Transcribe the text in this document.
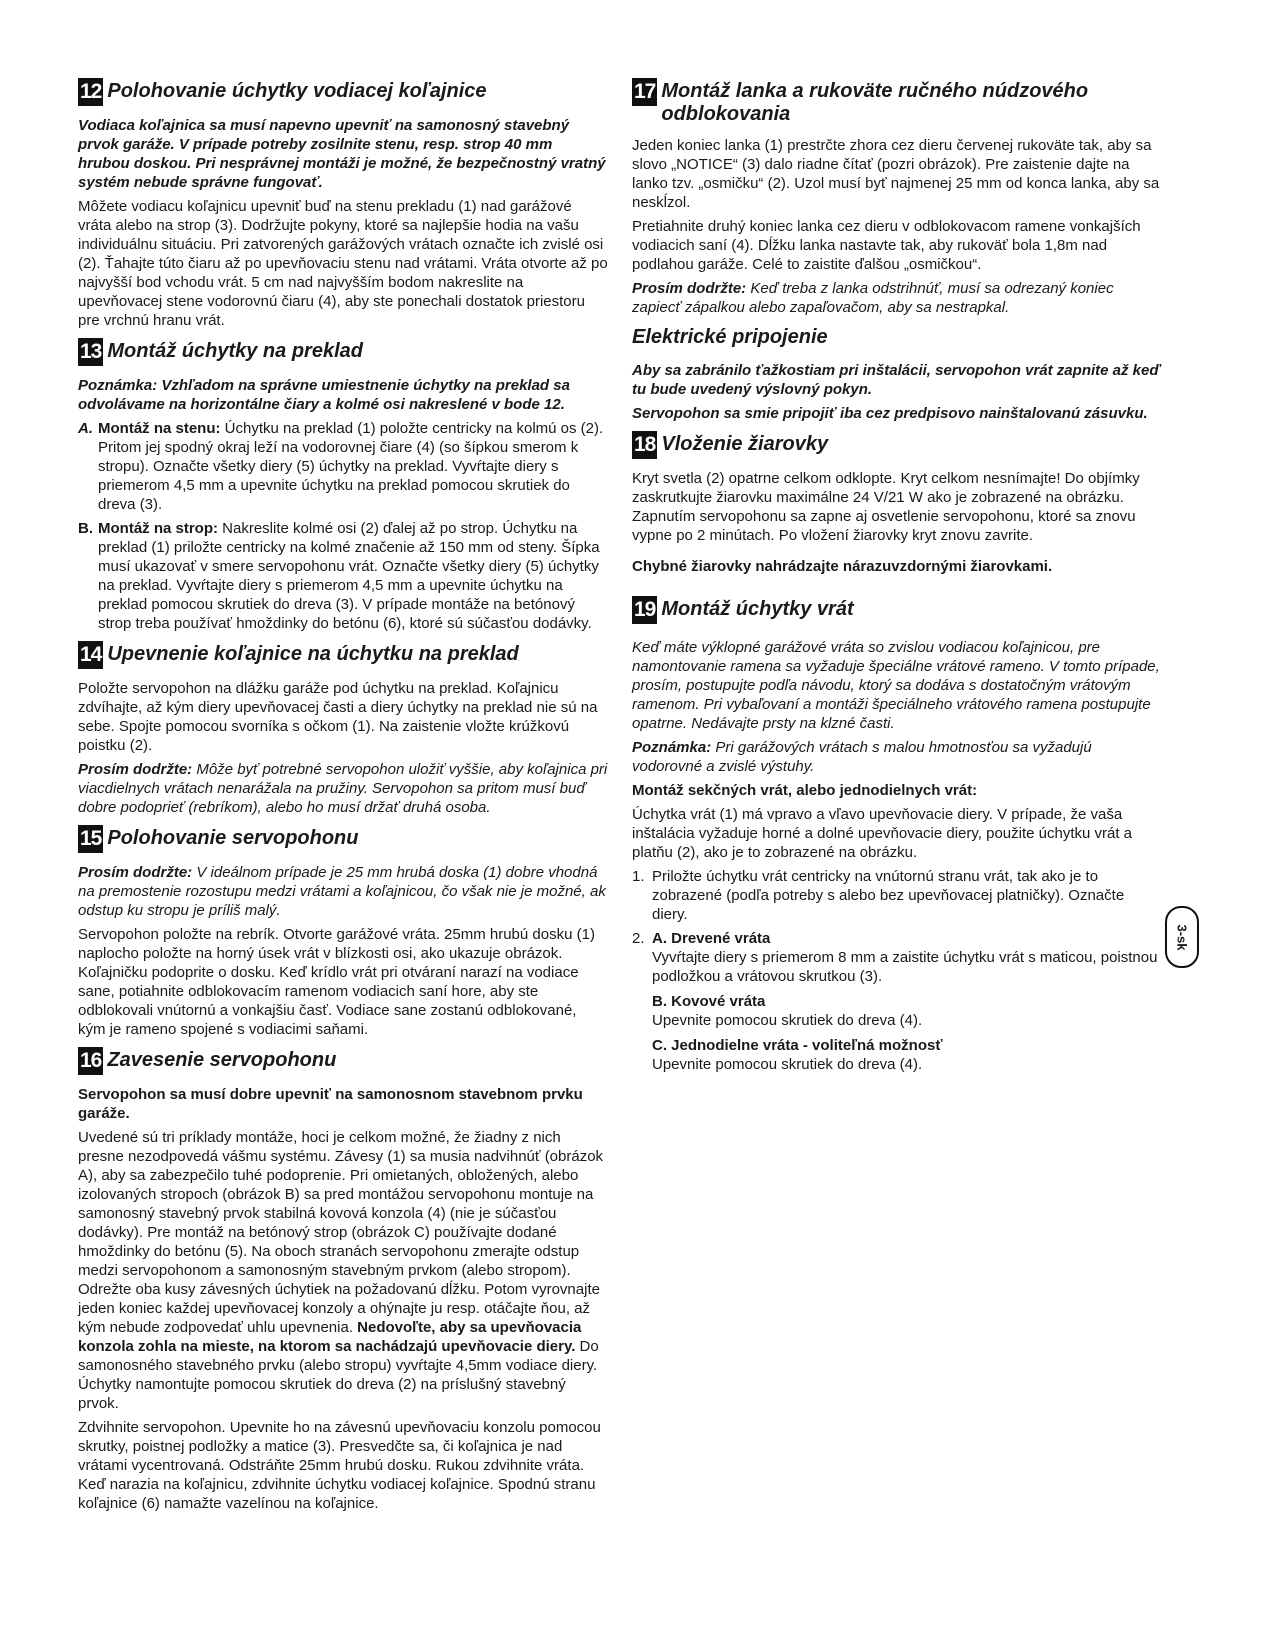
12 Polohovanie úchytky vodiacej koľajnice

Vodiaca koľajnica sa musí napevno upevniť na samonosný stavebný prvok garáže. V prípade potreby zosilnite stenu, resp. strop 40 mm hrubou doskou. Pri nesprávnej montáži je možné, že bezpečnostný vratný systém nebude správne fungovať.

Môžete vodiacu koľajnicu upevniť buď na stenu prekladu (1) nad garážové vráta alebo na strop (3). Dodržujte pokyny, ktoré sa najlepšie hodia na vašu individuálnu situáciu. Pri zatvorených garážových vrátach označte ich zvislé osi (2). Ťahajte túto čiaru až po upevňovaciu stenu nad vrátami. Vráta otvorte až po najvyšší bod vchodu vrát. 5 cm nad najvyšším bodom nakreslite na upevňovacej stene vodorovnú čiaru (4), aby ste ponechali dostatok priestoru pre vrchnú hranu vrát.

13 Montáž úchytky na preklad

Poznámka: Vzhľadom na správne umiestnenie úchytky na preklad sa odvolávame na horizontálne čiary a kolmé osi nakreslené v bode 12.

A. Montáž na stenu: Úchytku na preklad (1) položte centricky na kolmú os (2). Pritom jej spodný okraj leží na vodorovnej čiare (4) (so šípkou smerom k stropu). Označte všetky diery (5) úchytky na preklad. Vyvŕtajte diery s priemerom 4,5 mm a upevnite úchytku na preklad pomocou skrutiek do dreva (3).
B. Montáž na strop: Nakreslite kolmé osi (2) ďalej až po strop. Úchytku na preklad (1) priložte centricky na kolmé značenie až 150 mm od steny. Šípka musí ukazovať v smere servopohonu vrát. Označte všetky diery (5) úchytky na preklad. Vyvŕtajte diery s priemerom 4,5 mm a upevnite úchytku na preklad pomocou skrutiek do dreva (3). V prípade montáže na betónový strop treba používať hmoždinky do betónu (6), ktoré sú súčasťou dodávky.
14 Upevnenie koľajnice na úchytku na preklad

Položte servopohon na dlážku garáže pod úchytku na preklad. Koľajnicu zdvíhajte, až kým diery upevňovacej časti a diery úchytky na preklad nie sú na sebe. Spojte pomocou svorníka s očkom (1). Na zaistenie vložte krúžkovú poistku (2).

Prosím dodržte: Môže byť potrebné servopohon uložiť vyššie, aby koľajnica pri viacdielnych vrátach nenarážala na pružiny. Servopohon sa pritom musí buď dobre podoprieť (rebríkom), alebo ho musí držať druhá osoba.

15 Polohovanie servopohonu

Prosím dodržte: V ideálnom prípade je 25 mm hrubá doska (1) dobre vhodná na premostenie rozostupu medzi vrátami a koľajnicou, čo však nie je možné, ak odstup ku stropu je príliš malý.

Servopohon položte na rebrík. Otvorte garážové vráta. 25mm hrubú dosku (1) naplocho položte na horný úsek vrát v blízkosti osi, ako ukazuje obrázok. Koľajničku podoprite o dosku. Keď krídlo vrát pri otváraní narazí na vodiace sane, potiahnite odblokovacím ramenom vodiacich saní hore, aby ste odblokovali vnútornú a vonkajšiu časť. Vodiace sane zostanú odblokované, kým je rameno spojené s vodiacimi saňami.

16 Zavesenie servopohonu

Servopohon sa musí dobre upevniť na samonosnom stavebnom prvku garáže.

Uvedené sú tri príklady montáže, hoci je celkom možné, že žiadny z nich presne nezodpovedá vášmu systému. Závesy (1) sa musia nadvihnúť (obrázok A), aby sa zabezpečilo tuhé podoprenie. Pri omietaných, obložených, alebo izolovaných stropoch (obrázok B) sa pred montážou servopohonu montuje na samonosný stavebný prvok stabilná kovová konzola (4) (nie je súčasťou dodávky). Pre montáž na betónový strop (obrázok C) používajte dodané hmoždinky do betónu (5). Na oboch stranách servopohonu zmerajte odstup medzi servopohonom a samonosným stavebným prvkom (alebo stropom). Odrežte oba kusy závesných úchytiek na požadovanú dĺžku. Potom vyrovnajte jeden koniec každej upevňovacej konzoly a ohýnajte ju resp. otáčajte ňou, až kým nebude zodpovedať uhlu upevnenia. Nedovoľte, aby sa upevňovacia konzola zohla na mieste, na ktorom sa nachádzajú upevňovacie diery. Do samonosného stavebného prvku (alebo stropu) vyvŕtajte 4,5mm vodiace diery. Úchytky namontujte pomocou skrutiek do dreva (2) na príslušný stavebný prvok.

Zdvihnite servopohon. Upevnite ho na závesnú upevňovaciu konzolu pomocou skrutky, poistnej podložky a matice (3). Presvedčte sa, či koľajnica je nad vrátami vycentrovaná. Odstráňte 25mm hrubú dosku. Rukou zdvihnite vráta. Keď narazia na koľajnicu, zdvihnite úchytku vodiacej koľajnice. Spodnú stranu koľajnice (6) namažte vazelínou na koľajnice.

17 Montáž lanka a rukoväte ručného núdzového odblokovania

Jeden koniec lanka (1) prestrčte zhora cez dieru červenej rukoväte tak, aby sa slovo „NOTICE“ (3) dalo riadne čítať (pozri obrázok). Pre zaistenie dajte na lanko tzv. „osmičku“ (2). Uzol musí byť najmenej 25 mm od konca lanka, aby sa neskĺzol.

Pretiahnite druhý koniec lanka cez dieru v odblokovacom ramene vonkajších vodiacich saní (4). Dĺžku lanka nastavte tak, aby rukoväť bola 1,8m nad podlahou garáže. Celé to zaistite ďalšou „osmičkou“.

Prosím dodržte: Keď treba z lanka odstrihnúť, musí sa odrezaný koniec zapiecť zápalkou alebo zapaľovačom, aby sa nestrapkal.

Elektrické pripojenie

Aby sa zabránilo ťažkostiam pri inštalácii, servopohon vrát zapnite až keď tu bude uvedený výslovný pokyn.

Servopohon sa smie pripojiť iba cez predpisovo nainštalovanú zásuvku.

18 Vloženie žiarovky

Kryt svetla (2) opatrne celkom odklopte. Kryt celkom nesnímajte! Do objímky zaskrutkujte žiarovku maximálne 24 V/21 W ako je zobrazené na obrázku. Zapnutím servopohonu sa zapne aj osvetlenie servopohonu, ktoré sa znovu vypne po 2 minútach. Po vložení žiarovky kryt znovu zavrite.

Chybné žiarovky nahrádzajte nárazuvzdornými žiarovkami.

19 Montáž úchytky vrát

Keď máte výklopné garážové vráta so zvislou vodiacou koľajnicou, pre namontovanie ramena sa vyžaduje špeciálne vrátové rameno. V tomto prípade, prosím, postupujte podľa návodu, ktorý sa dodáva s dostatočným vrátovým ramenom. Pri vybaľovaní a montáži špeciálneho vrátového ramena postupujte opatrne. Nedávajte prsty na klzné časti.

Poznámka: Pri garážových vrátach s malou hmotnosťou sa vyžadujú vodorovné a zvislé výstuhy.

Montáž sekčných vrát, alebo jednodielnych vrát:

Úchytka vrát (1) má vpravo a vľavo upevňovacie diery. V prípade, že vaša inštalácia vyžaduje horné a dolné upevňovacie diery, použite úchytku vrát a platňu (2), ako je to zobrazené na obrázku.

1. Priložte úchytku vrát centricky na vnútornú stranu vrát, tak ako je to zobrazené (podľa potreby s alebo bez upevňovacej platničky). Označte diery.
2. A. Drevené vráta
Vyvŕtajte diery s priemerom 8 mm a zaistite úchytku vrát s maticou, poistnou podložkou a vrátovou skrutkou (3).
B. Kovové vráta
Upevnite pomocou skrutiek do dreva (4).
C. Jednodielne vráta - voliteľná možnosť
Upevnite pomocou skrutiek do dreva (4).
3-sk
